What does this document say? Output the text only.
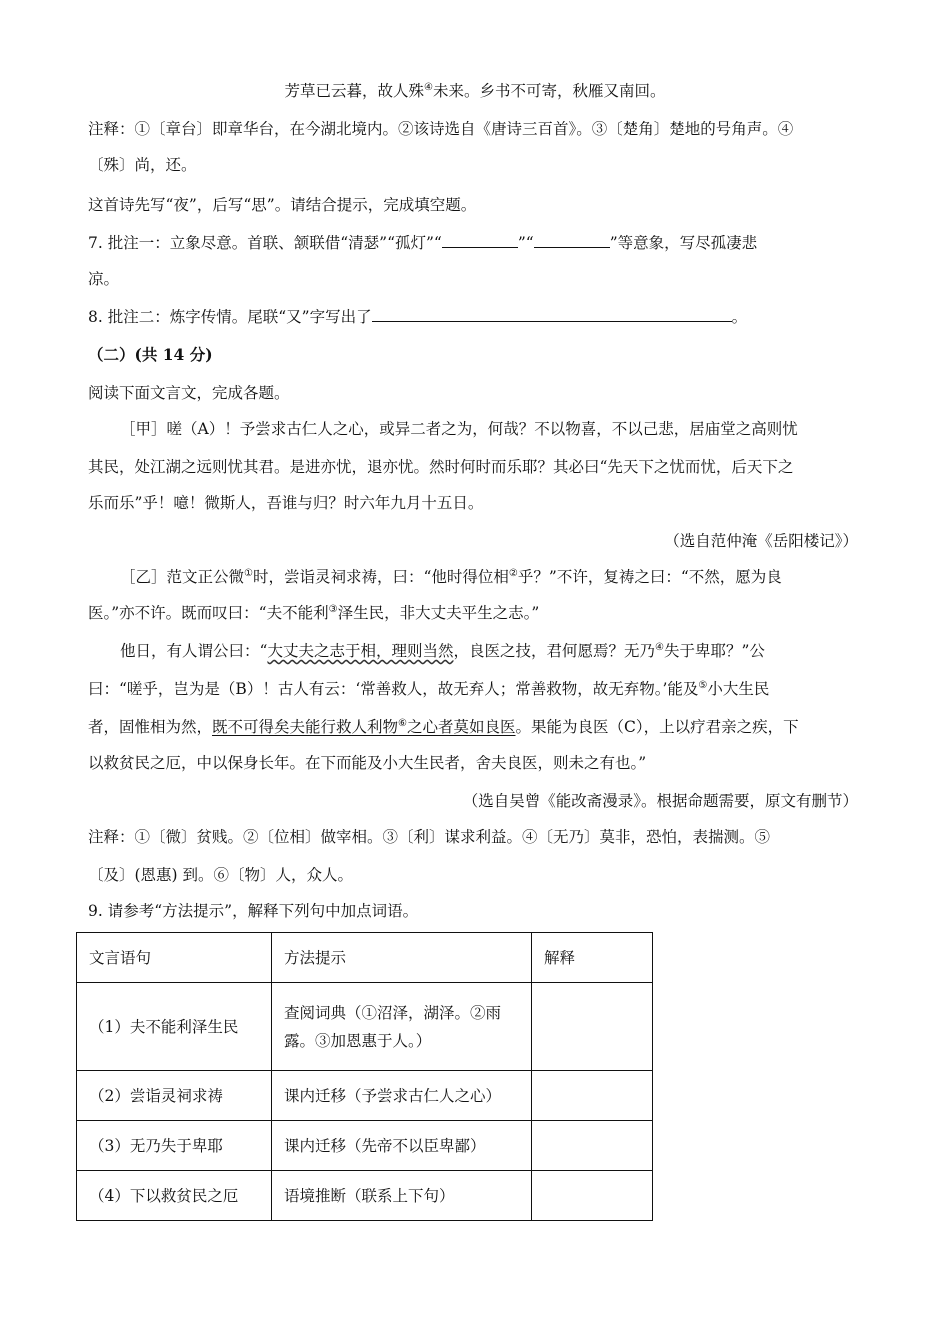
芳草已云暮，故人殊④未来。乡书不可寄，秋雁又南回。
注释：①〔章台〕即章华台，在今湖北境内。②该诗选自《唐诗三百首》。③〔楚角〕楚地的号角声。④
〔殊〕尚，还。
这首诗先写“夜”，后写“思”。请结合提示，完成填空题。
7. 批注一：立象尽意。首联、颔联借“清瑟”“孤灯”“	”“	”等意象，写尽孤凄悲
凉。
8. 批注二：炼字传情。尾联“又”字写出了	。
（二）(共 14 分)
阅读下面文言文，完成各题。
［甲］嗟（A）！予尝求古仁人之心，或异二者之为，何哉？不以物喜，不以己悲，居庙堂之高则忧
其民，处江湖之远则忧其君。是进亦忧，退亦忧。然时何时而乐耶？其必曰“先天下之忧而忧，后天下之
乐而乐”乎！噫！微斯人，吾谁与归？时六年九月十五日。
（选自范仲淹《岳阳楼记》）
［乙］范文正公微①时，尝诣灵祠求祷，曰：“他时得位相②乎？”不许，复祷之曰：“不然，愿为良
医。”亦不许。既而叹曰：“夫不能利③泽生民，非大丈夫平生之志。”
他日，有人谓公曰：“大丈夫之志于相，理则当然，良医之技，君何愿焉？无乃④失于卑耶？”公
曰：“嗟乎，岂为是（B）！古人有云：‘常善救人，故无弃人；常善救物，故无弃物。’能及⑤小大生民
者，固惟相为然，既不可得矣夫能行救人利物⑥之心者莫如良医。果能为良医（C），上以疗君亲之疾，下
以救贫民之厄，中以保身长年。在下而能及小大生民者，舍夫良医，则未之有也。”
（选自吴曾《能改斋漫录》。根据命题需要，原文有删节）
注释：①〔微〕贫贱。②〔位相〕做宰相。③〔利〕谋求利益。④〔无乃〕莫非，恐怕，表揣测。⑤
〔及〕(恩惠) 到。⑥〔物〕人，众人。
9. 请参考“方法提示”，解释下列句中加点词语。
文言语句	方法提示	解释
（1）夫不能利泽生民	查阅词典（①沼泽，湖泽。②雨
露。③加恩惠于人。）	

（2）尝诣灵祠求祷	课内迁移（予尝求古仁人之心）	
（3）无乃失于卑耶	课内迁移（先帝不以臣卑鄙）	
（4）下以救贫民之厄	语境推断（联系上下句）	
